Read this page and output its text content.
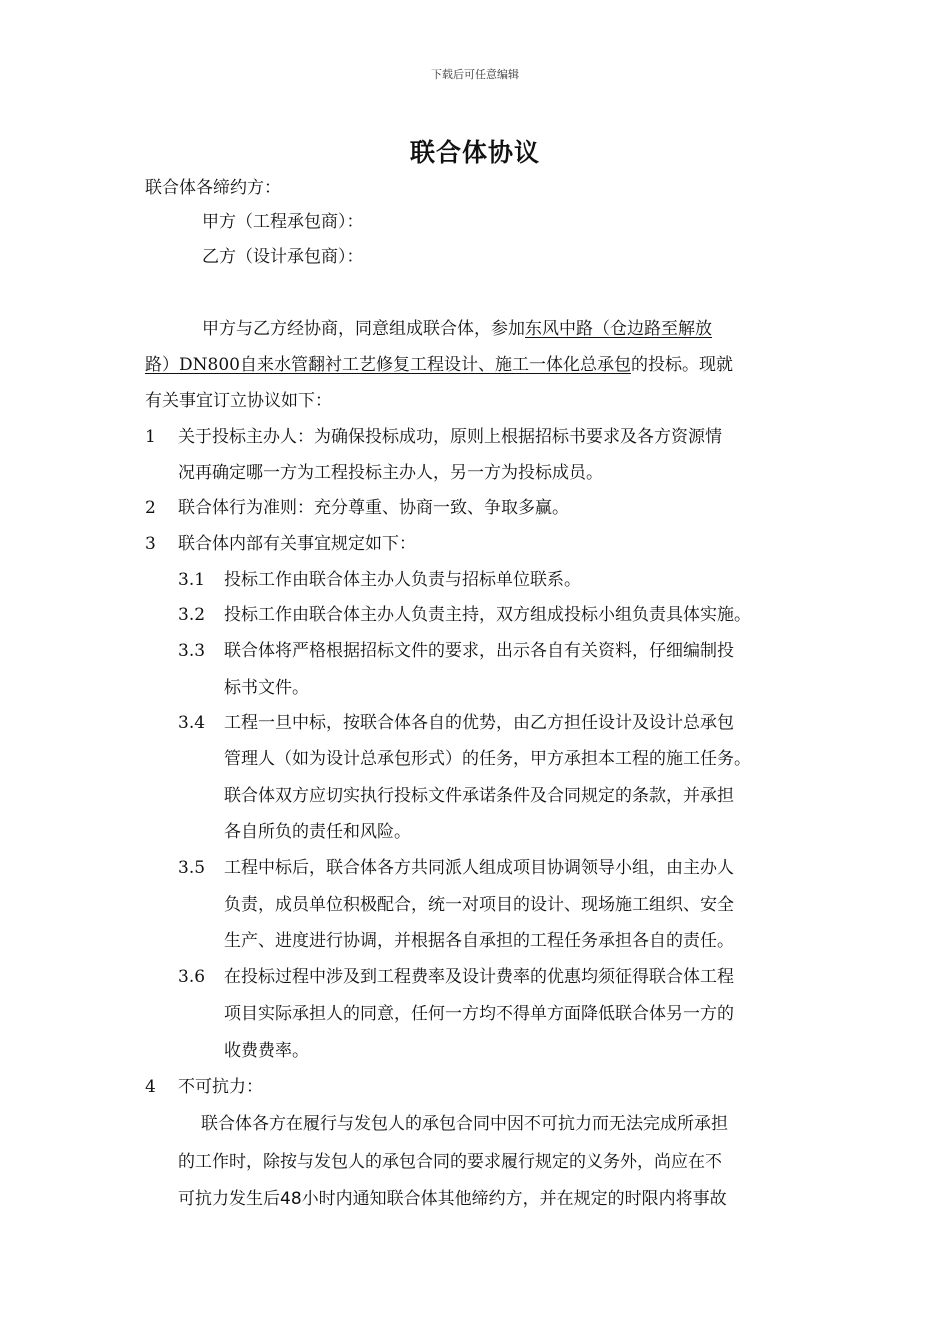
下载后可任意编辑
联合体协议
联合体各缔约方：
甲方（工程承包商）：
乙方（设计承包商）：
甲方与乙方经协商，同意组成联合体，参加东风中路（仓边路至解放
路）DN800自来水管翻衬工艺修复工程设计、施工一体化总承包的投标。现就
有关事宜订立协议如下：
1 关于投标主办人：为确保投标成功，原则上根据招标书要求及各方资源情
况再确定哪一方为工程投标主办人，另一方为投标成员。
2 联合体行为准则：充分尊重、协商一致、争取多赢。
3 联合体内部有关事宜规定如下：
3.1 投标工作由联合体主办人负责与招标单位联系。
3.2 投标工作由联合体主办人负责主持，双方组成投标小组负责具体实施。
3.3 联合体将严格根据招标文件的要求，出示各自有关资料，仔细编制投
标书文件。
3.4 工程一旦中标，按联合体各自的优势，由乙方担任设计及设计总承包
管理人（如为设计总承包形式）的任务，甲方承担本工程的施工任务。
联合体双方应切实执行投标文件承诺条件及合同规定的条款，并承担
各自所负的责任和风险。
3.5 工程中标后，联合体各方共同派人组成项目协调领导小组，由主办人
负责，成员单位积极配合，统一对项目的设计、现场施工组织、安全
生产、进度进行协调，并根据各自承担的工程任务承担各自的责任。
3.6 在投标过程中涉及到工程费率及设计费率的优惠均须征得联合体工程
项目实际承担人的同意，任何一方均不得单方面降低联合体另一方的
收费费率。
4 不可抗力：
联合体各方在履行与发包人的承包合同中因不可抗力而无法完成所承担
的工作时，除按与发包人的承包合同的要求履行规定的义务外，尚应在不
可抗力发生后48小时内通知联合体其他缔约方，并在规定的时限内将事故
